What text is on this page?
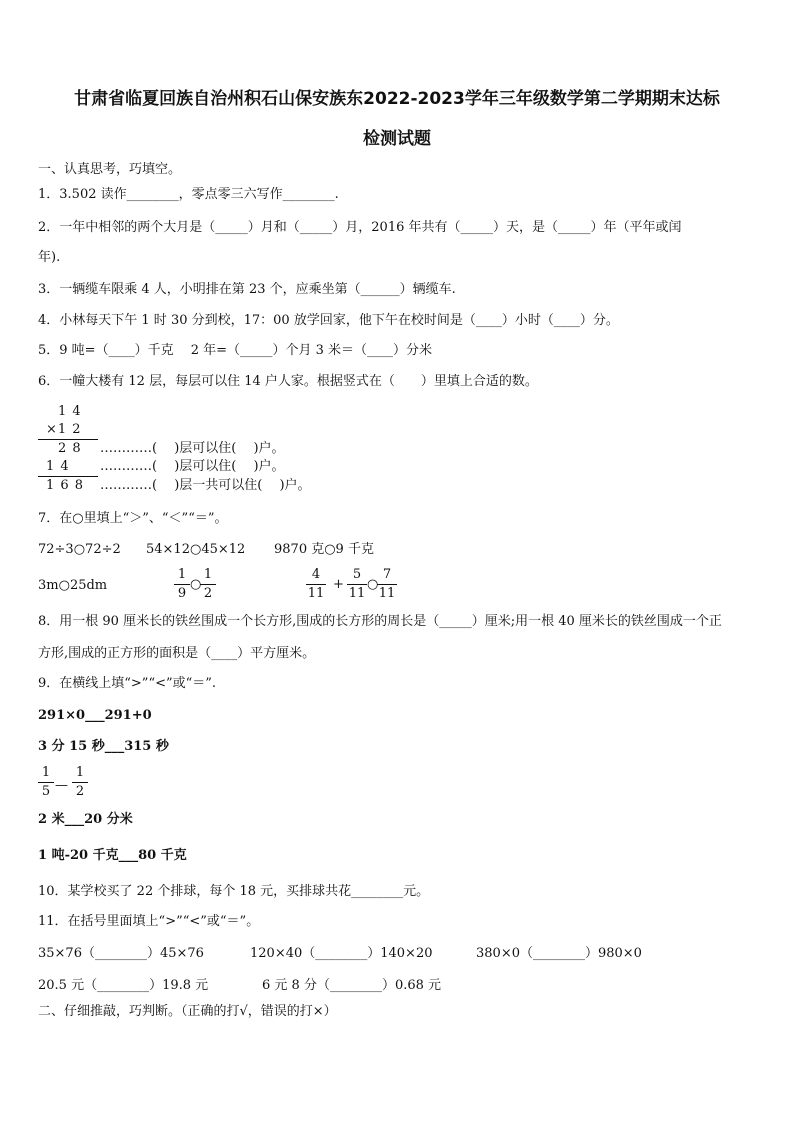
甘肃省临夏回族自治州积石山保安族东2022-2023学年三年级数学第二学期期末达标
检测试题
一、认真思考，巧填空。
1．3.502 读作________，零点零三六写作________.
2．一年中相邻的两个大月是（_____）月和（_____）月，2016 年共有（_____）天，是（_____）年（平年或闰
年).
3．一辆缆车限乘 4 人，小明排在第 23 个，应乘坐第（______）辆缆车.
4．小林每天下午 1 时 30 分到校，17：00 放学回家，他下午在校时间是（____）小时（____）分。
5．9 吨=（____）千克　 2 年=（_____）个月 3 米＝（____）分米
6．一幢大楼有 12 层，每层可以住 14 户人家。根据竖式在（　　）里填上合适的数。
1 4
×1 2
2 8 …………(　 )层可以住(　 )户。
1 4 …………(　 )层可以住(　 )户。
1 6 8 …………(　 )层一共可以住(　 )户。
7．在○里填上“＞”、“＜”“＝”。
72÷3○72÷2 54×12○45×12 9870 克○9 千克
3m○25dm	$\frac{1}{9}$ ○
$\frac{1}{2}$	$\frac{4}{11} + \frac{5}{11}$ ○
$\frac{7}{11}$
8．用一根 90 厘米长的铁丝围成一个长方形,围成的长方形的周长是（_____）厘米;用一根 40 厘米长的铁丝围成一个正
方形,围成的正方形的面积是（____）平方厘米。
9．在横线上填“>”“<”或“＝”.
291×0___291+0
3 分 15 秒___315 秒
$\frac{1}{5}$ — $\frac{1}{2}$
2 米___20 分米
1 吨-20 千克___80 千克
10．某学校买了 22 个排球，每个 18 元，买排球共花________元。
11．在括号里面填上“>”“<”或“＝”。
35×76（________）45×76	120×40（________）140×20	380×0（________）980×0
20.5 元（________）19.8 元	6 元 8 分（________）0.68 元
二、仔细推敲，巧判断。（正确的打√，错误的打×）
